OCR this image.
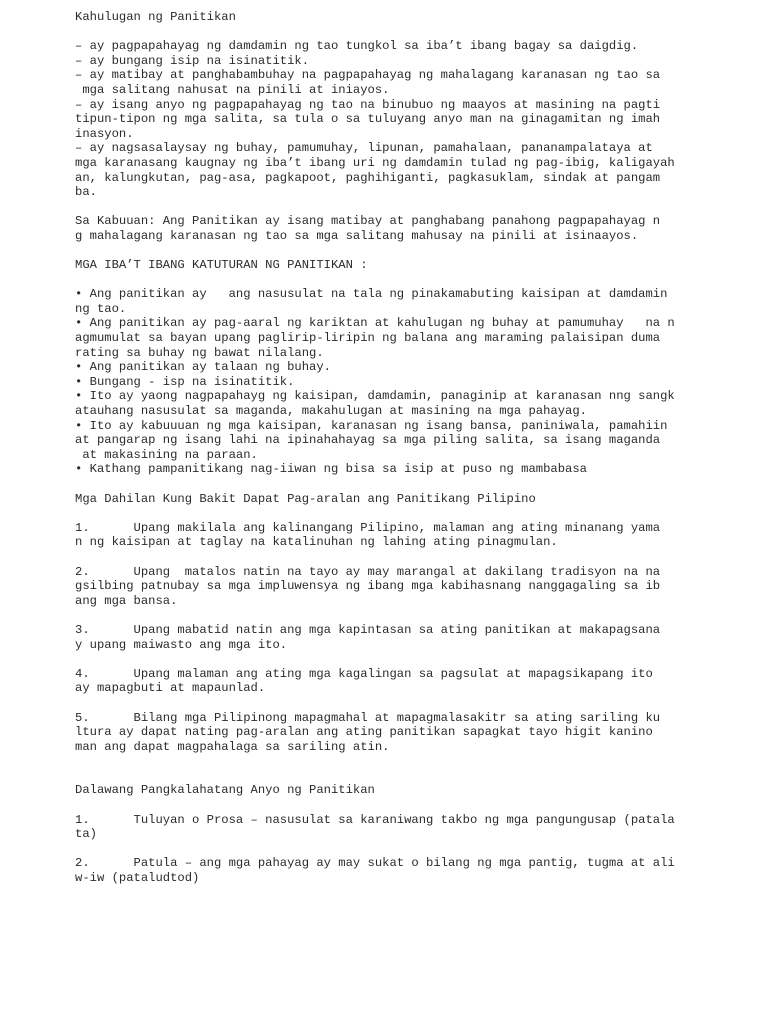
Kahulugan ng Panitikan
– ay pagpapahayag ng damdamin ng tao tungkol sa iba’t ibang bagay sa daigdig.
– ay bungang isip na isinatitik.
– ay matibay at panghabambuhay na pagpapahayag ng mahalagang karanasan ng tao sa
mga salitang nahusat na pinili at iniayos.
– ay isang anyo ng pagpapahayag ng tao na binubuo ng maayos at masining na pagti
tipun-tipon ng mga salita, sa tula o sa tuluyang anyo man na ginagamitan ng imah
inasyon.
– ay nagsasalaysay ng buhay, pamumuhay, lipunan, pamahalaan, pananampalataya at
mga karanasang kaugnay ng iba’t ibang uri ng damdamin tulad ng pag-ibig, kaligayah
an, kalungkutan, pag-asa, pagkapoot, paghihiganti, pagkasuklam, sindak at pangam
ba.
Sa Kabuuan: Ang Panitikan ay isang matibay at panghabang panahong pagpapahayag n
g mahalagang karanasan ng tao sa mga salitang mahusay na pinili at isinaayos.
MGA IBA’T IBANG KATUTURAN NG PANITIKAN :
• Ang panitikan ay   ang nasusulat na tala ng pinakamabuting kaisipan at damdamin
ng tao.
• Ang panitikan ay pag-aaral ng kariktan at kahulugan ng buhay at pamumuhay   na n
agmumulat sa bayan upang paglirip-liripin ng balana ang maraming palaisipan duma
rating sa buhay ng bawat nilalang.
• Ang panitikan ay talaan ng buhay.
• Bungang - isp na isinatitik.
• Ito ay yaong nagpapahayg ng kaisipan, damdamin, panaginip at karanasan nng sangk
atauhang nasusulat sa maganda, makahulugan at masining na mga pahayag.
• Ito ay kabuuuan ng mga kaisipan, karanasan ng isang bansa, paniniwala, pamahiin
at pangarap ng isang lahi na ipinahahayag sa mga piling salita, sa isang maganda
at makasining na paraan.
• Kathang pampanitikang nag-iiwan ng bisa sa isip at puso ng mambabasa
Mga Dahilan Kung Bakit Dapat Pag-aralan ang Panitikang Pilipino
1.      Upang makilala ang kalinangang Pilipino, malaman ang ating minanang yama
n ng kaisipan at taglay na katalinuhan ng lahing ating pinagmulan.
2.      Upang  matalos natin na tayo ay may marangal at dakilang tradisyon na na
gsilbing patnubay sa mga impluwensya ng ibang mga kabihasnang nanggagaling sa ib
ang mga bansa.
3.      Upang mabatid natin ang mga kapintasan sa ating panitikan at makapagsana
y upang maiwasto ang mga ito.
4.      Upang malaman ang ating mga kagalingan sa pagsulat at mapagsikapang ito
ay mapagbuti at mapaunlad.
5.      Bilang mga Pilipinong mapagmahal at mapagmalasakitr sa ating sariling ku
ltura ay dapat nating pag-aralan ang ating panitikan sapagkat tayo higit kanino
man ang dapat magpahalaga sa sariling atin.
Dalawang Pangkalahatang Anyo ng Panitikan
1.      Tuluyan o Prosa – nasusulat sa karaniwang takbo ng mga pangungusap (patala
ta)
2.      Patula – ang mga pahayag ay may sukat o bilang ng mga pantig, tugma at ali
w-iw (pataludtod)
